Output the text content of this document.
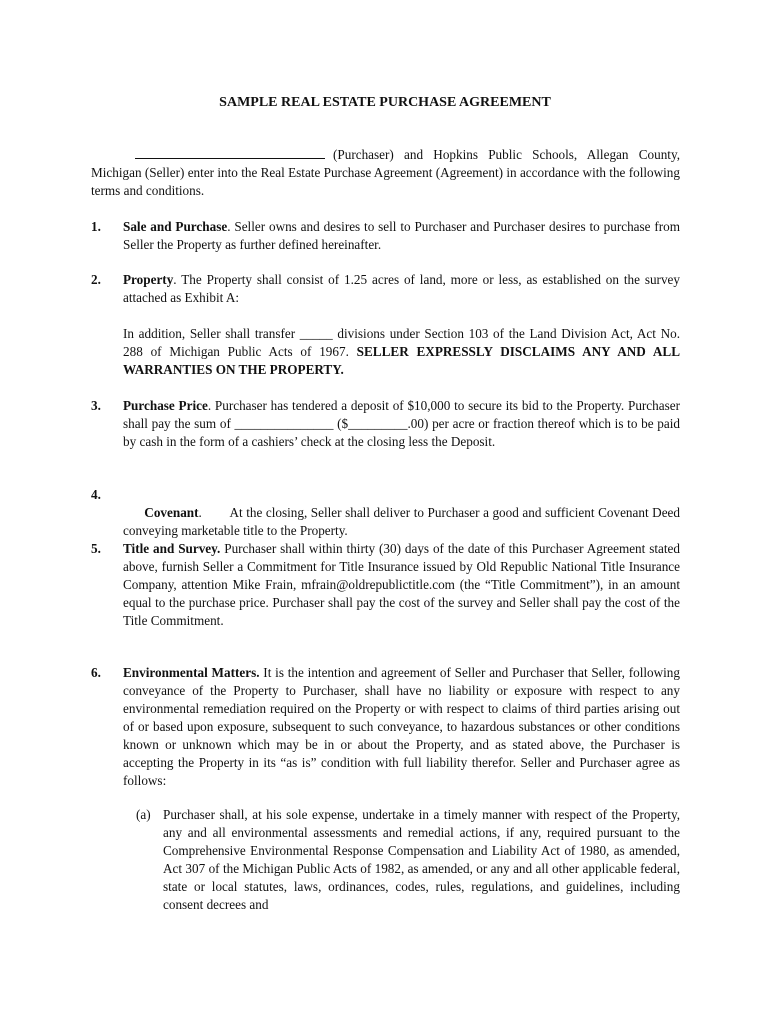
SAMPLE REAL ESTATE PURCHASE AGREEMENT
(Purchaser) and Hopkins Public Schools, Allegan County, Michigan (Seller) enter into the Real Estate Purchase Agreement (Agreement) in accordance with the following terms and conditions.
1. Sale and Purchase. Seller owns and desires to sell to Purchaser and Purchaser desires to purchase from Seller the Property as further defined hereinafter.
2. Property. The Property shall consist of 1.25 acres of land, more or less, as established on the survey attached as Exhibit A:
In addition, Seller shall transfer _____ divisions under Section 103 of the Land Division Act, Act No. 288 of Michigan Public Acts of 1967. SELLER EXPRESSLY DISCLAIMS ANY AND ALL WARRANTIES ON THE PROPERTY.
3. Purchase Price. Purchaser has tendered a deposit of $10,000 to secure its bid to the Property. Purchaser shall pay the sum of _______________ ($_________.00) per acre or fraction thereof which is to be paid by cash in the form of a cashiers’ check at the closing less the Deposit.
4.

Covenant.        At the closing, Seller shall deliver to Purchaser a good and sufficient Covenant Deed conveying marketable title to the Property.

5. Title and Survey. Purchaser shall within thirty (30) days of the date of this Purchaser Agreement stated above, furnish Seller a Commitment for Title Insurance issued by Old Republic National Title Insurance Company, attention Mike Frain, mfrain@oldrepublictitle.com (the “Title Commitment”), in an amount equal to the purchase price. Purchaser shall pay the cost of the survey and Seller shall pay the cost of the Title Commitment.
6. Environmental Matters. It is the intention and agreement of Seller and Purchaser that Seller, following conveyance of the Property to Purchaser, shall have no liability or exposure with respect to any environmental remediation required on the Property or with respect to claims of third parties arising out of or based upon exposure, subsequent to such conveyance, to hazardous substances or other conditions known or unknown which may be in or about the Property, and as stated above, the Purchaser is accepting the Property in its “as is” condition with full liability therefor. Seller and Purchaser agree as follows:
(a) Purchaser shall, at his sole expense, undertake in a timely manner with respect of the Property, any and all environmental assessments and remedial actions, if any, required pursuant to the Comprehensive Environmental Response Compensation and Liability Act of 1980, as amended, Act 307 of the Michigan Public Acts of 1982, as amended, or any and all other applicable federal, state or local statutes, laws, ordinances, codes, rules, regulations, and guidelines, including consent decrees and
